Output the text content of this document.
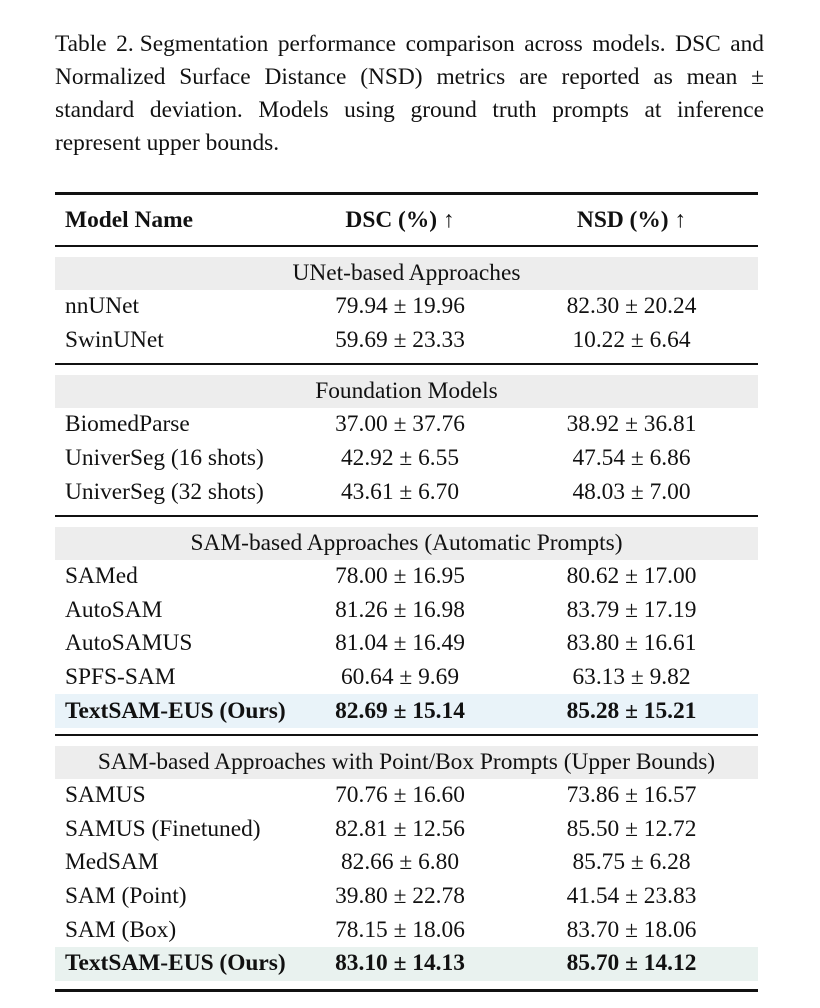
Table 2. Segmentation performance comparison across models. DSC and Normalized Surface Distance (NSD) metrics are reported as mean ± standard deviation. Models using ground truth prompts at inference represent upper bounds.

Model Name	DSC (%) ↑	NSD (%) ↑
UNet-based Approaches
nnUNet	79.94 ± 19.96	82.30 ± 20.24
SwinUNet	59.69 ± 23.33	10.22 ± 6.64
Foundation Models
BiomedParse	37.00 ± 37.76	38.92 ± 36.81
UniverSeg (16 shots)	42.92 ± 6.55	47.54 ± 6.86
UniverSeg (32 shots)	43.61 ± 6.70	48.03 ± 7.00
SAM-based Approaches (Automatic Prompts)
SAMed	78.00 ± 16.95	80.62 ± 17.00
AutoSAM	81.26 ± 16.98	83.79 ± 17.19
AutoSAMUS	81.04 ± 16.49	83.80 ± 16.61
SPFS-SAM	60.64 ± 9.69	63.13 ± 9.82
TextSAM-EUS (Ours)	82.69 ± 15.14	85.28 ± 15.21
SAM-based Approaches with Point/Box Prompts (Upper Bounds)
SAMUS	70.76 ± 16.60	73.86 ± 16.57
SAMUS (Finetuned)	82.81 ± 12.56	85.50 ± 12.72
MedSAM	82.66 ± 6.80	85.75 ± 6.28
SAM (Point)	39.80 ± 22.78	41.54 ± 23.83
SAM (Box)	78.15 ± 18.06	83.70 ± 18.06
TextSAM-EUS (Ours)	83.10 ± 14.13	85.70 ± 14.12
